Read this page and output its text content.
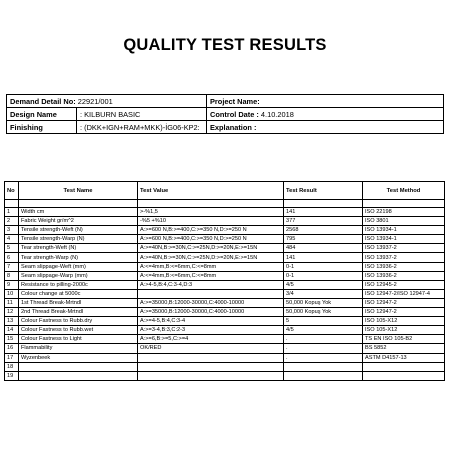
QUALITY TEST RESULTS
Demand Detail No: 22921/001		Project Name:
Design Name	: KILBURN BASIC	Control Date : 4.10.2018
Finishing	: (DKK+IGN+RAM+MKK)-İG06-KP2:	Explanation :
No	Test Name	Test Value	Test Result	Test Method

1	Width cm	>-%1,5	141	ISO 22198
2	Fabric Weight gr/m^2	-%5 +%10	377	ISO 3801
3	Tensile strength-Weft (N)	A:>=600 N,B:>=400,C:>=350 N,D:>=250 N	2568	ISO 13934-1
4	Tensile strength-Warp (N)	A:>=600 N,B:>=400,C:>=350 N,D:>=250 N	795	ISO 13934-1
5	Tear strength-Weft (N)	A:>=40N,B:>=30N,C:>=25N,D:>=20N,E:>=15N	484	ISO 13937-2
6	Tear strength-Warp (N)	A:>=40N,B:>=30N,C:>=25N,D:>=20N,E:>=15N	141	ISO 13937-2
7	Seam slippage-Weft (mm)	A:<=4mm,B:<=6mm,C:<=8mm	0-1	ISO 13936-2
8	Seam slippage-Warp (mm)	A:<=4mm,B:<=6mm,C:<=8mm	0-1	ISO 13936-2
9	Resistance to pilling-2000c	A:>4-5,B:4,C:3-4,D:3	4/5	ISO 12945-2
10	Colour change at 5000c		3/4	ISO 12947-2/ISO 12947-4
11	1st Thread Break-Mrtndl	A:>=35000,B:12000-30000,C:4000-10000	50,000 Kopuş Yok	ISO 12947-2
12	2nd Thread Break-Mrtndl	A:>=35000,B:12000-30000,C:4000-10000	50,000 Kopuş Yok	ISO 12947-2
13	Colour Fastness to Rubb.dry	A:>=4-5,B:4,C:3-4	5	ISO 105-X12
14	Colour Fastness to Rubb.wet	A:>=3-4,B:3,C:2-3	4/5	ISO 105-X12
15	Colour Fastness to Light	A:>=6,B:>=5,C:>=4	.	TS EN ISO 105-B2
16	Flammability	OK/RED	.	BS 5852
17	Wyzenbeek		.	ASTM D4157-13
18				
19				
